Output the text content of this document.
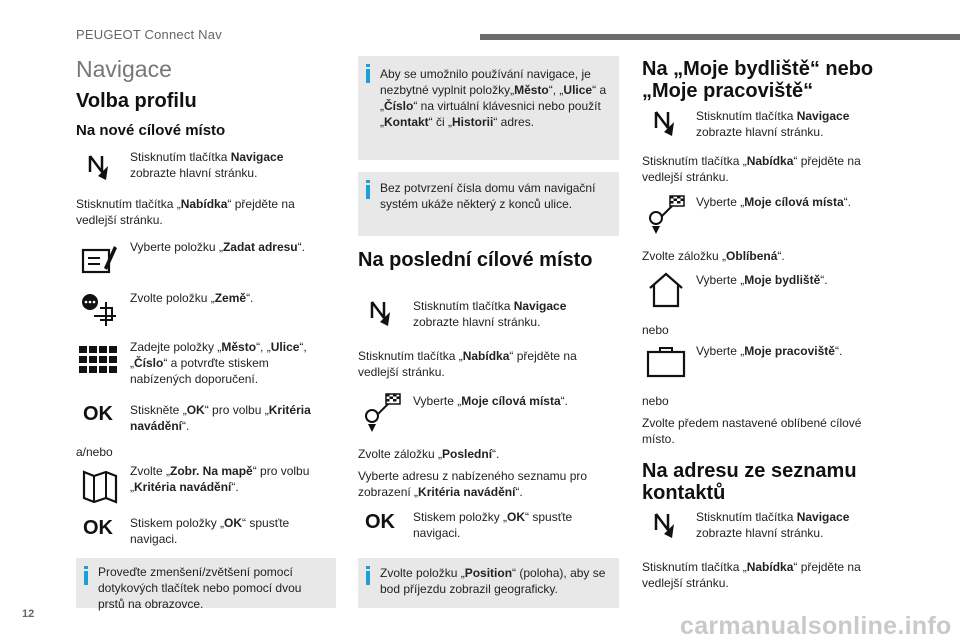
PEUGEOT Connect Nav
Navigace
Volba profilu
Na nové cílové místo
Stisknutím tlačítka Navigace zobrazte hlavní stránku.
Stisknutím tlačítka „Nabídka“ přejděte na vedlejší stránku.
Vyberte položku „Zadat adresu“.
Zvolte položku „Země“.
Zadejte položky „Město“, „Ulice“, „Číslo“ a potvrďte stiskem nabízených doporučení.
OK	Stiskněte „OK“ pro volbu „Kritéria navádění“.
a/nebo
Zvolte „Zobr. Na mapě“ pro volbu „Kritéria navádění“.
OK	Stiskem položky „OK“ spusťte navigaci.
Proveďte zmenšení/zvětšení pomocí dotykových tlačítek nebo pomocí dvou prstů na obrazovce.
Aby se umožnilo používání navigace, je nezbytné vyplnit položky„Město“, „Ulice“ a „Číslo“ na virtuální klávesnici nebo použít „Kontakt“ či „Historii“ adres.
Bez potvrzení čísla domu vám navigační systém ukáže některý z konců ulice.
Na poslední cílové místo
Stisknutím tlačítka Navigace zobrazte hlavní stránku.
Stisknutím tlačítka „Nabídka“ přejděte na vedlejší stránku.
Vyberte „Moje cílová místa“.
Zvolte záložku „Poslední“.
Vyberte adresu z nabízeného seznamu pro zobrazení „Kritéria navádění“.
OK	Stiskem položky „OK“ spusťte navigaci.
Zvolte položku „Position“ (poloha), aby se bod příjezdu zobrazil geograficky.
Na „Moje bydliště“ nebo
„Moje pracoviště“
Stisknutím tlačítka Navigace zobrazte hlavní stránku.
Stisknutím tlačítka „Nabídka“ přejděte na vedlejší stránku.
Vyberte „Moje cílová místa“.
Zvolte záložku „Oblíbená“.
Vyberte „Moje bydliště“.
nebo
Vyberte „Moje pracoviště“.
nebo
Zvolte předem nastavené oblíbené cílové místo.
Na adresu ze seznamu
kontaktů
Stisknutím tlačítka Navigace zobrazte hlavní stránku.
Stisknutím tlačítka „Nabídka“ přejděte na vedlejší stránku.
12	carmanualsonline.info
